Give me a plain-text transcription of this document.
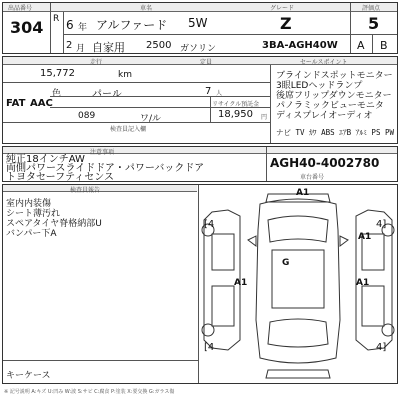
出品番号	車名	グレード	評価点
304 R 6 年 アルファード 5W	Z	5
2 月 自家用 2500 ガソリン	3BA-AGH40W A B
走行	定員	セールスポイント
15,772	km
色	パール	7 人
FAT AAC	リサイクル預託金
089	ワ/ル	18,950 円
検査員記入欄
ブラインドスポットモニター
3眼LEDヘッドランプ
後席フリップダウンモニター
パノラミックビューモニタ
ディスプレイオーディオ
ナビ TV ｶﾜ ABS ｴｱB ｱﾙﾐ PS PW
注意事項
純正18インチAW
両側パワースライドドア・パワーバックドア
トヨタセーフティセンス
AGH40-4002780
車台番号
検査員報告
室内内装傷
シート薄汚れ
スペアタイヤ脊格納部U
バンパー下A
キーケース
[4	4]
[4	4]
A1
A1
G
A1	A1
※ 記号説明 A:キズ U:凹み W:波 S:サビ C:腐食 P:塗装 X:要交換 G:ガラス傷
